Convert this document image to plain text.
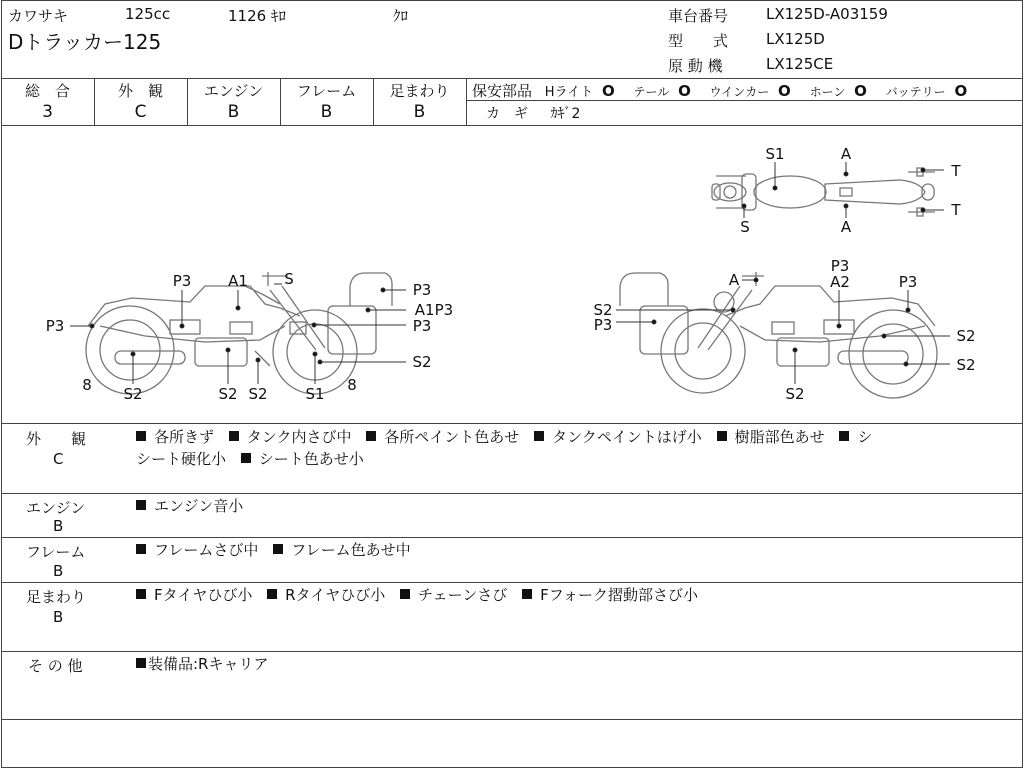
カワサキ	125cc	1126 ｷﾛ	ｸﾛ
Dトラッカー125
車台番号	LX125D-A03159
型　　式	LX125D
原 動 機	LX125CE
総　合
3
外　観
C
エンジン
B
フレーム
B
足まわり
B
保安部品 Hライト O テール O ウインカー O ホーン O バッテリー O
カ　ギ ｶｷﾞ2
S1	A
T
T
S	A
P3 A1 S
P3
A1P3
P3
P3
S2
8 S2	S2 S2	S1 8
A
P3
A2	P3
S2
P3
S2
S2
S2
外　　観
C
各所きず タンク内さび中 各所ペイント色あせ タンクペイントはげ小 樹脂部色あせ シ
シート硬化小 シート色あせ小
エンジン
B
エンジン音小
フレーム
B
フレームさび中 フレーム色あせ中
足まわり
B
Fタイヤひび小 Rタイヤひび小 チェーンさび Fフォーク摺動部さび小
そ の 他	装備品:Rキャリア
